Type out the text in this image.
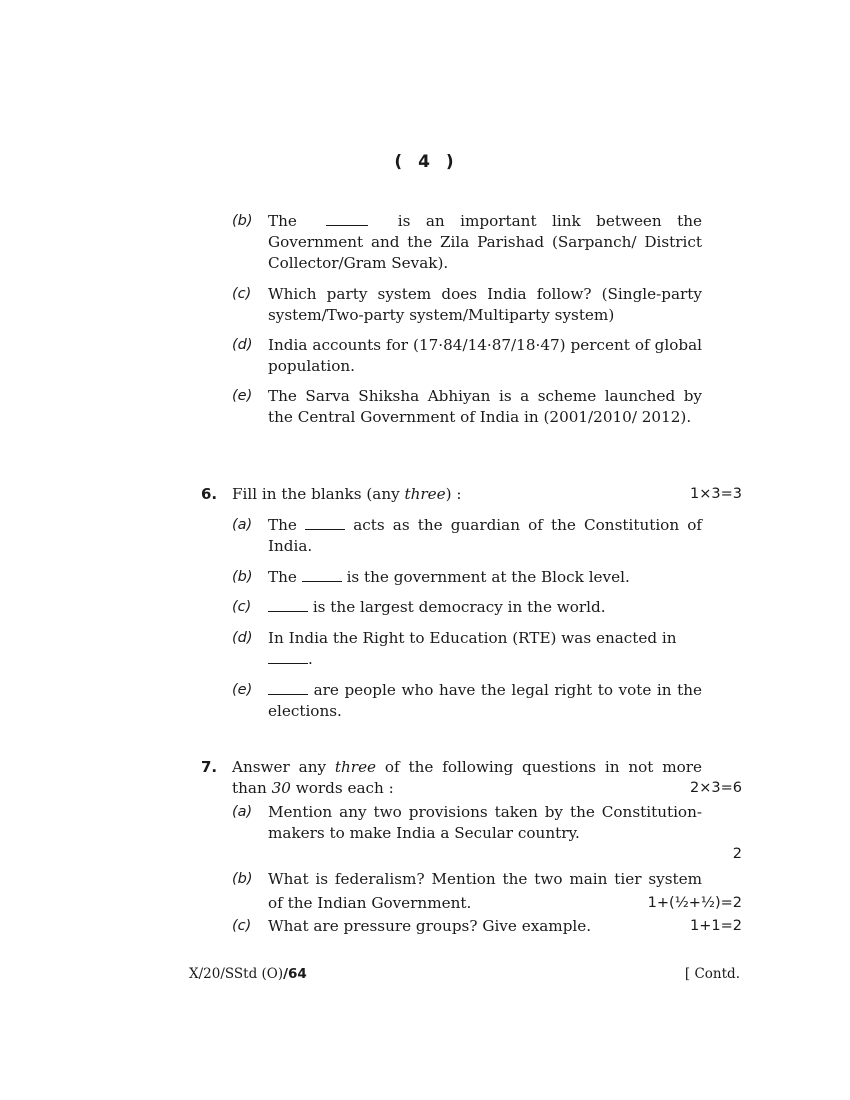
( 4 )
(b) The	is an important link between the Government and the Zila Parishad (Sarpanch/ District Collector/Gram Sevak).
(c) Which party system does India follow? (Single-party system/Two-party system/Multiparty system)
(d) India accounts for (17·84/14·87/18·47) percent of global population.
(e) The Sarva Shiksha Abhiyan is a scheme launched by the Central Government of India in (2001/2010/ 2012).
6. Fill in the blanks (any three) :	1×3=3
(a) The	acts as the guardian of the Constitution of India.
(b) The	is the government at the Block level.
(c)	is the largest democracy in the world.
(d) In India the Right to Education (RTE) was enacted in
.
(e)	are people who have the legal right to vote in the elections.
7. Answer any three of the following questions in not more than 30 words each :	2×3=6
(a) Mention any two provisions taken by the Constitution-makers to make India a Secular country.
2
(b) What is federalism? Mention the two main tier system of the Indian Government.	1+(½+½)=2
(c) What are pressure groups? Give example.	1+1=2
X/20/SStd (O)/64	[ Contd.
